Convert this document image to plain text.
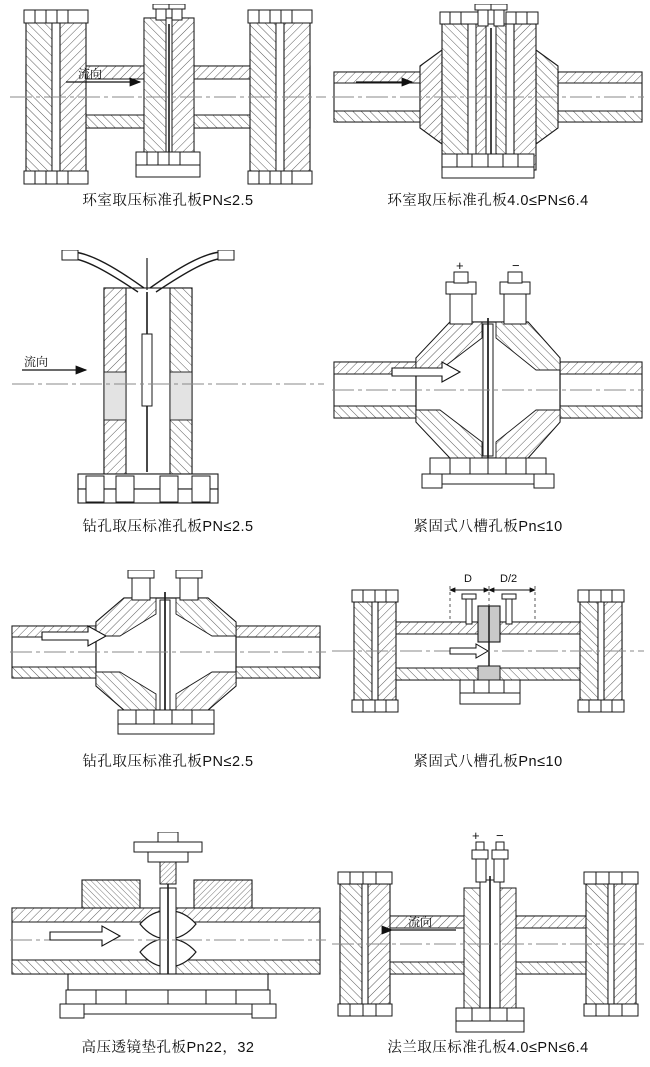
流向
环室取压标准孔板PN≤2.5	环室取压标准孔板4.0≤PN≤6.4
流向
钻孔取压标准孔板PN≤2.5
+	−
紧固式八槽孔板Pn≤10
钻孔取压标准孔板PN≤2.5
D	D/2
紧固式八槽孔板Pn≤10
高压透镜垫孔板Pn22，32
+ −
流向
法兰取压标准孔板4.0≤PN≤6.4
